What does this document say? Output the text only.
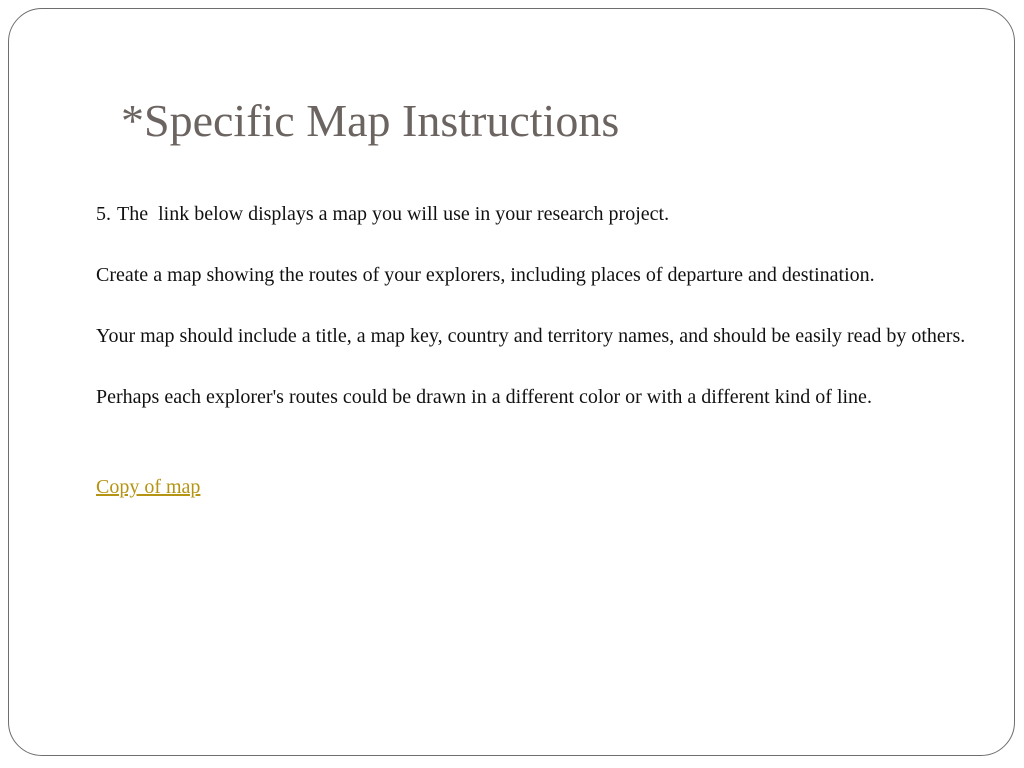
*Specific Map Instructions

5. The  link below displays a map you will use in your research project.

Create a map showing the routes of your explorers, including places of departure and destination.

Your map should include a title, a map key, country and territory names, and should be easily read by others.

Perhaps each explorer's routes could be drawn in a different color or with a different kind of line.

Copy of map
